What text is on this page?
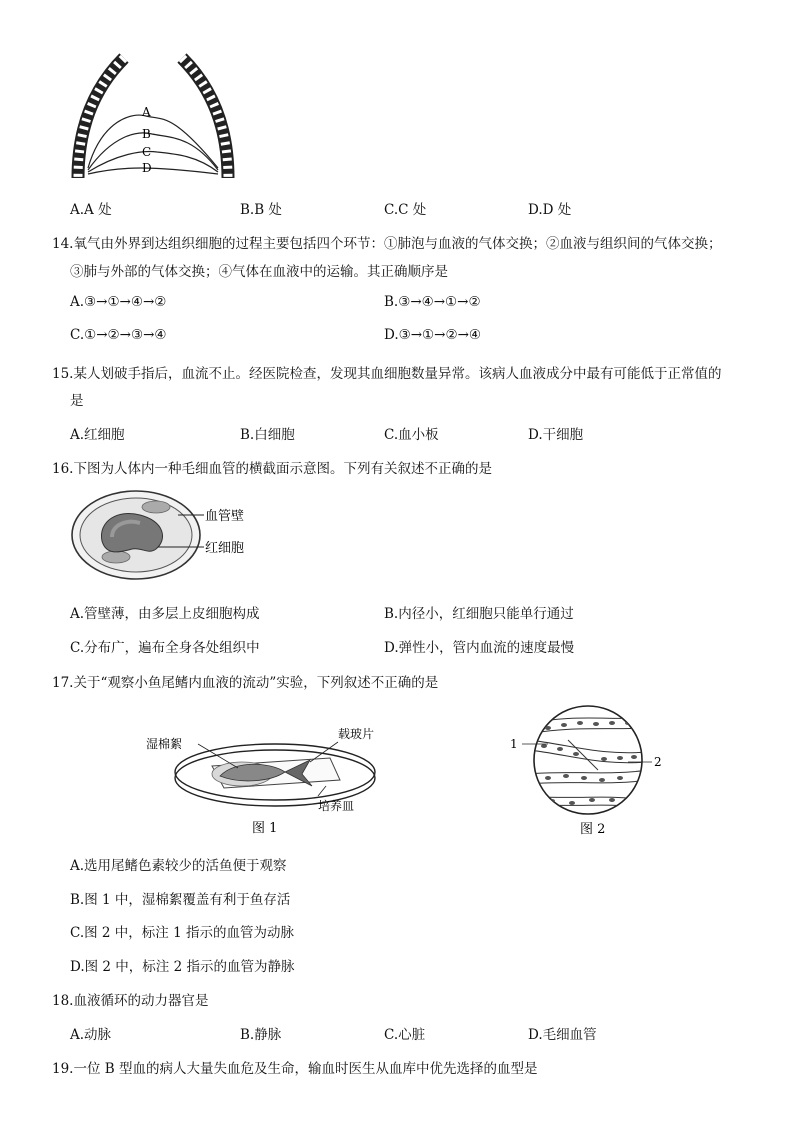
A
B
C
D
A.A 处	B.B 处	C.C 处	D.D 处
14.氧气由外界到达组织细胞的过程主要包括四个环节：①肺泡与血液的气体交换；②血液与组织间的气体交换；
③肺与外部的气体交换；④气体在血液中的运输。其正确顺序是
A.③→①→④→②	B.③→④→①→②
C.①→②→③→④	D.③→①→②→④
15.某人划破手指后，血流不止。经医院检查，发现其血细胞数量异常。该病人血液成分中最有可能低于正常值的
是
A.红细胞	B.白细胞	C.血小板	D.干细胞
16.下图为人体内一种毛细血管的横截面示意图。下列有关叙述不正确的是
血管壁
红细胞
A.管壁薄，由多层上皮细胞构成	B.内径小，红细胞只能单行通过
C.分布广，遍布全身各处组织中	D.弹性小，管内血流的速度最慢
17.关于“观察小鱼尾鳍内血液的流动”实验，下列叙述不正确的是
湿棉絮
载玻片
培养皿
图 1
1
2
图 2
A.选用尾鳍色素较少的活鱼便于观察
B.图 1 中，湿棉絮覆盖有利于鱼存活
C.图 2 中，标注 1 指示的血管为动脉
D.图 2 中，标注 2 指示的血管为静脉
18.血液循环的动力器官是
A.动脉	B.静脉	C.心脏	D.毛细血管
19.一位 B 型血的病人大量失血危及生命，输血时医生从血库中优先选择的血型是
